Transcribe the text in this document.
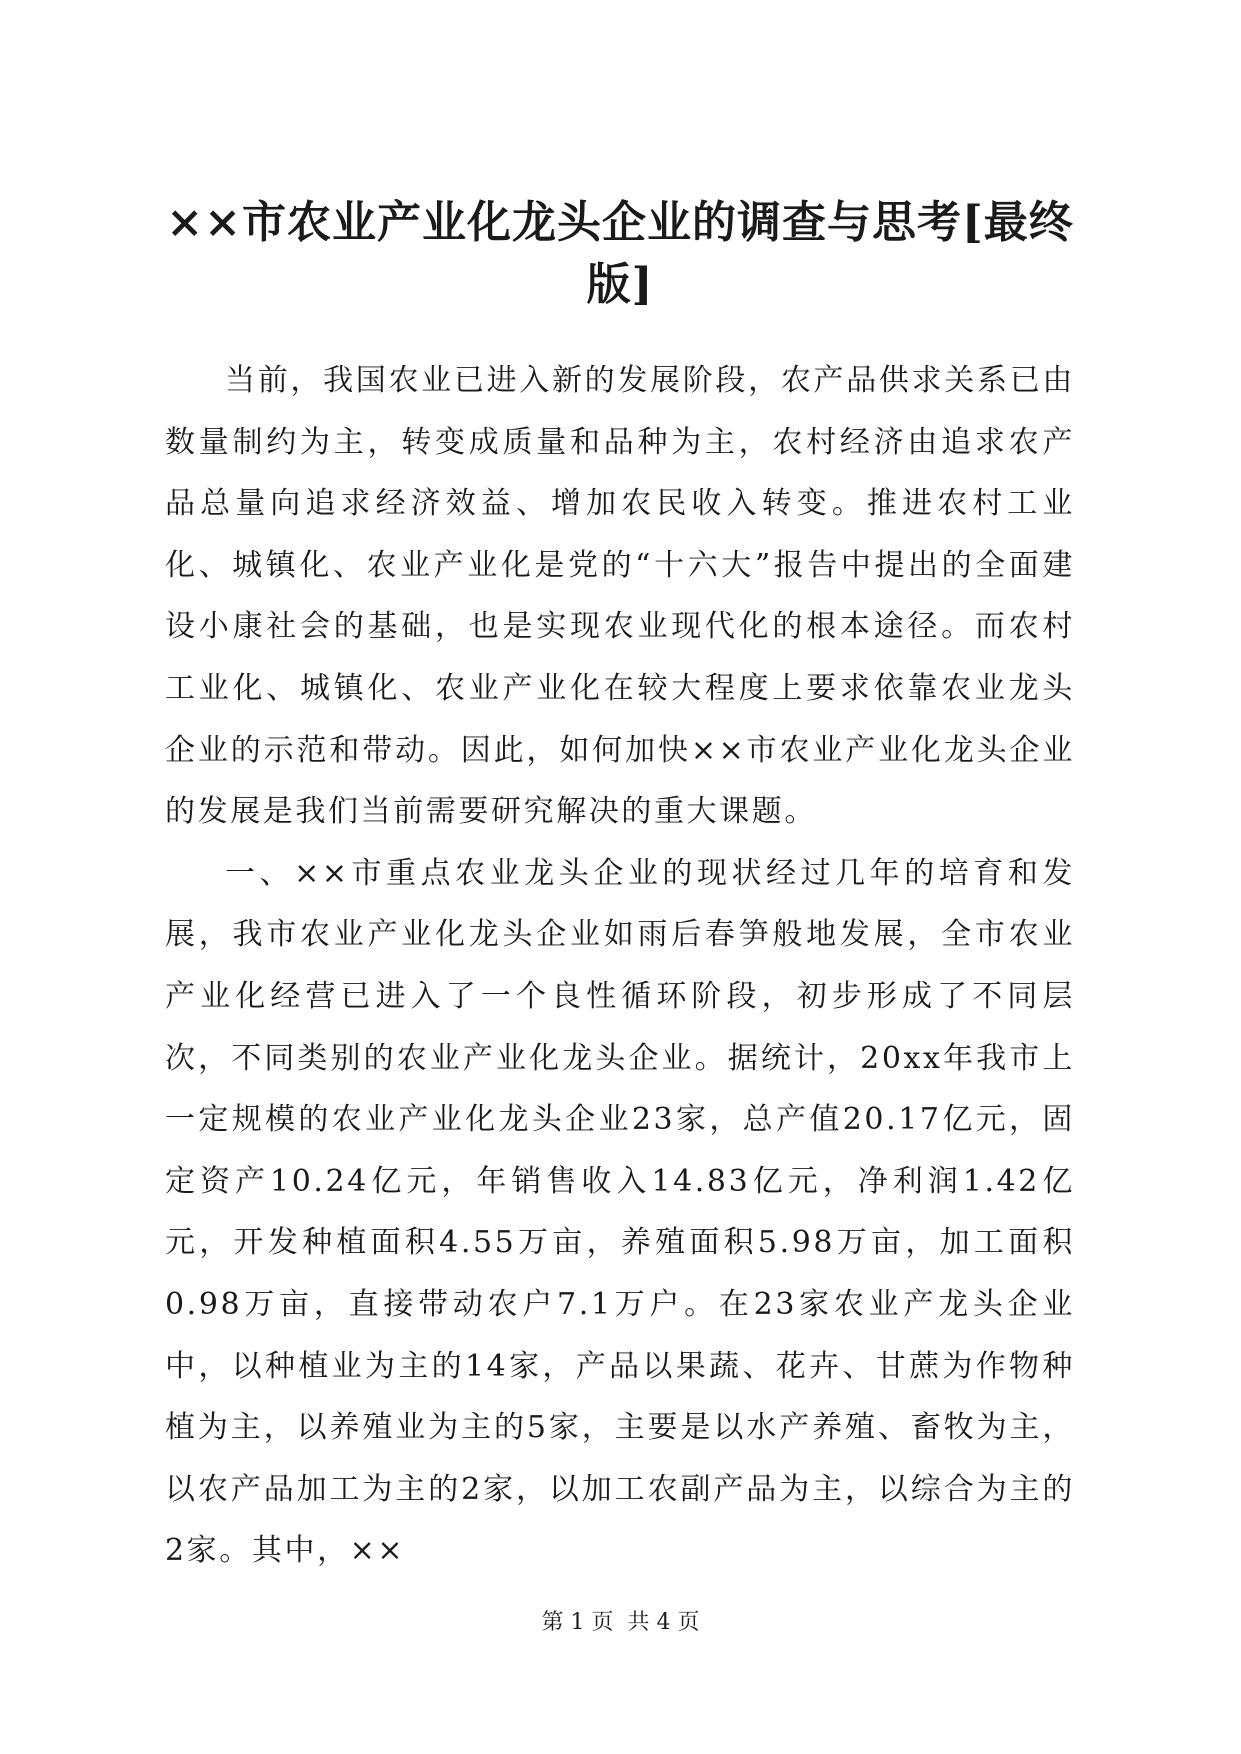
××市农业产业化龙头企业的调查与思考[最终版]

当前，我国农业已进入新的发展阶段，农产品供求关系已由数量制约为主，转变成质量和品种为主，农村经济由追求农产品总量向追求经济效益、增加农民收入转变。推进农村工业化、城镇化、农业产业化是党的“十六大”报告中提出的全面建设小康社会的基础，也是实现农业现代化的根本途径。而农村工业化、城镇化、农业产业化在较大程度上要求依靠农业龙头企业的示范和带动。因此，如何加快××市农业产业化龙头企业的发展是我们当前需要研究解决的重大课题。

一、××市重点农业龙头企业的现状经过几年的培育和发展，我市农业产业化龙头企业如雨后春笋般地发展，全市农业产业化经营已进入了一个良性循环阶段，初步形成了不同层次，不同类别的农业产业化龙头企业。据统计，20xx年我市上一定规模的农业产业化龙头企业23家，总产值20.17亿元，固定资产10.24亿元，年销售收入14.83亿元，净利润1.42亿元，开发种植面积4.55万亩，养殖面积5.98万亩，加工面积0.98万亩，直接带动农户7.1万户。在23家农业产龙头企业中，以种植业为主的14家，产品以果蔬、花卉、甘蔗为作物种植为主，以养殖业为主的5家，主要是以水产养殖、畜牧为主，以农产品加工为主的2家，以加工农副产品为主，以综合为主的2家。其中，××

第 1 页  共 4 页
